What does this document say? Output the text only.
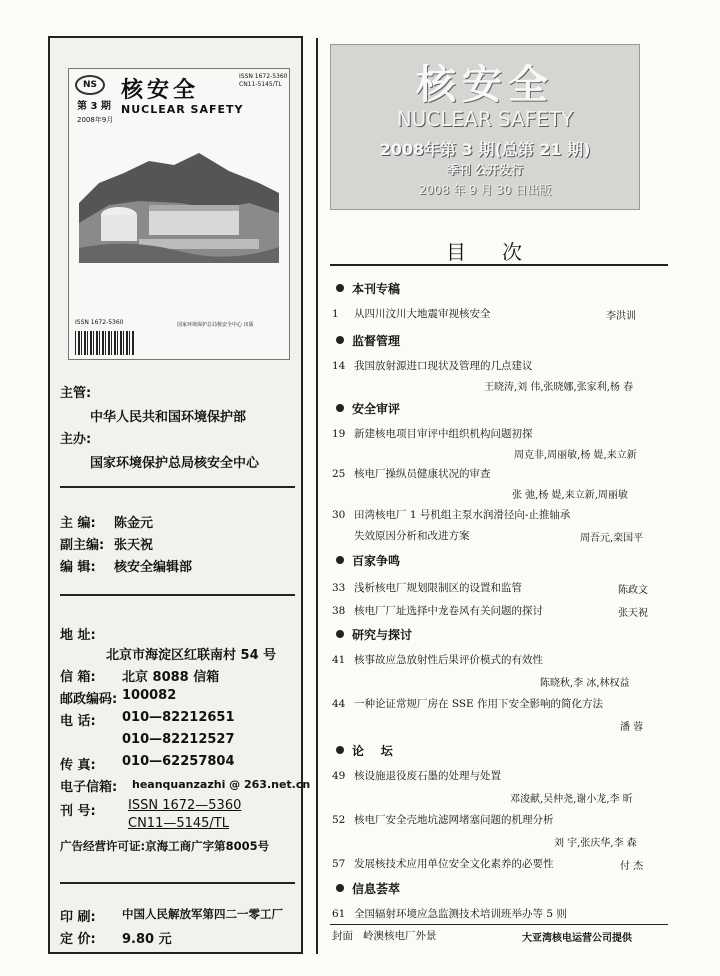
NS	核安全
第 3 期
2008年9月
NUCLEAR SAFETY
ISSN 1672-5360
CN11-5145/TL
ISSN 1672-5360	国家环境保护总局核安全中心 出版
主管:
中华人民共和国环境保护部
主办:
国家环境保护总局核安全中心
主 编: 陈金元
副主编: 张天祝
编 辑: 核安全编辑部
地 址:
北京市海淀区红联南村 54 号
信 箱: 北京 8088 信箱
邮政编码: 100082
电 话: 010—82212651
010—82212527
传 真: 010—62257804
电子信箱: heanquanzazhi @ 263.net.cn
刊 号: ISSN 1672—5360
CN11—5145/TL
广告经营许可证:京海工商广字第8005号
印 刷: 中国人民解放军第四二一零工厂
定 价: 9.80 元
核安全
NUCLEAR SAFETY
2008年第 3 期(总第 21 期)
季刊 公开发行
2008 年 9 月 30 日出版
目次
本刊专稿
1 从四川汶川大地震审视核安全	李洪训
监督管理
14 我国放射源进口现状及管理的几点建议
王晓涛,刘 伟,张晓娜,张家利,杨 春
安全审评
19 新建核电项目审评中组织机构问题初探
周克非,周丽敏,杨 媞,来立新
25 核电厂操纵员健康状况的审查
张 弛,杨 媞,来立新,周丽敏
30 田湾核电厂 1 号机组主泵水润滑径向-止推轴承
失效原因分析和改进方案	周吾元,栾国平
百家争鸣
33 浅析核电厂规划限制区的设置和监管	陈政文
38 核电厂厂址选择中龙卷风有关问题的探讨	张天祝
研究与探讨
41 核事故应急放射性后果评价模式的有效性
陈晓秋,李 冰,林权益
44 一种论证常规厂房在 SSE 作用下安全影响的简化方法
潘 蓉
论    坛
49 核设施退役废石墨的处理与处置
邓浚献,吴仲尧,谢小龙,李 昕
52 核电厂安全壳地坑滤网堵塞问题的机理分析
刘 宇,张庆华,李 森
57 发展核技术应用单位安全文化素养的必要性	付 杰
信息荟萃
61 全国辐射环境应急监测技术培训班举办等 5 则
封面 岭澳核电厂外景	大亚湾核电运营公司提供
